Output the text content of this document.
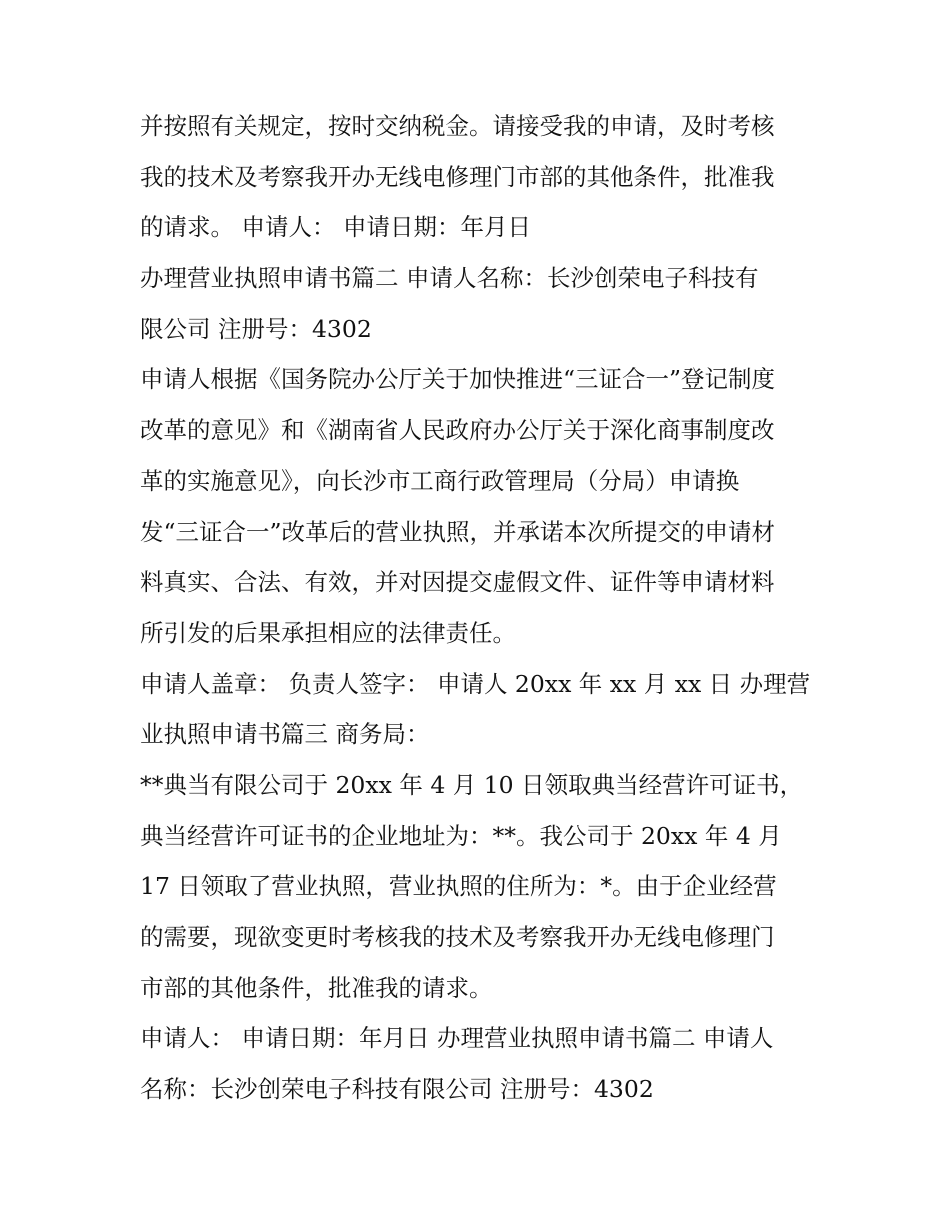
并按照有关规定，按时交纳税金。请接受我的申请，及时考核
我的技术及考察我开办无线电修理门市部的其他条件，批准我
的请求。 申请人： 申请日期：年月日

办理营业执照申请书篇二 申请人名称：长沙创荣电子科技有
限公司 注册号：4302

申请人根据《国务院办公厅关于加快推进“三证合一”登记制度
改革的意见》和《湖南省人民政府办公厅关于深化商事制度改
革的实施意见》，向长沙市工商行政管理局（分局）申请换
发“三证合一”改革后的营业执照，并承诺本次所提交的申请材
料真实、合法、有效，并对因提交虚假文件、证件等申请材料
所引发的后果承担相应的法律责任。

申请人盖章： 负责人签字： 申请人 20xx 年 xx 月 xx 日 办理营
业执照申请书篇三 商务局：

**典当有限公司于 20xx 年 4 月 10 日领取典当经营许可证书，
典当经营许可证书的企业地址为：**。我公司于 20xx 年 4 月
17 日领取了营业执照，营业执照的住所为：*。由于企业经营
的需要，现欲变更时考核我的技术及考察我开办无线电修理门
市部的其他条件，批准我的请求。

申请人： 申请日期：年月日 办理营业执照申请书篇二 申请人
名称：长沙创荣电子科技有限公司 注册号：4302
